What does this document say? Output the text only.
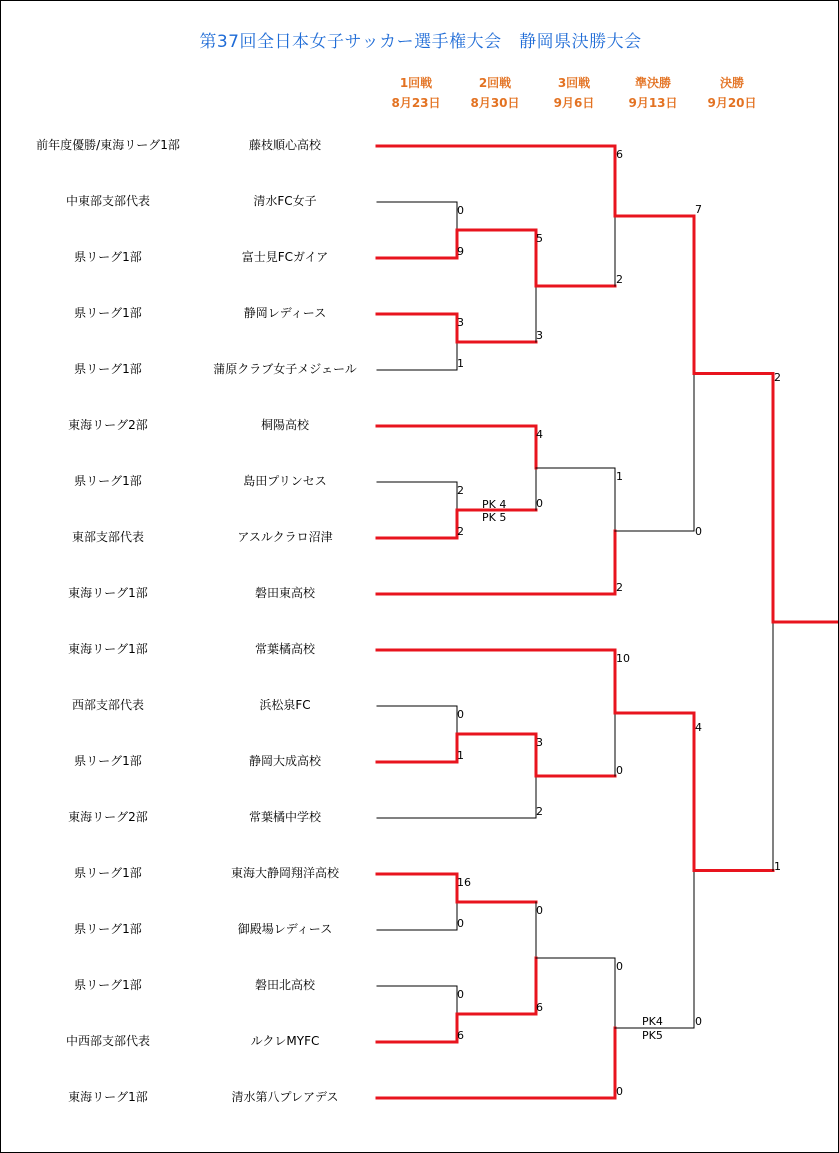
第37回全日本女子サッカー選手権大会　静岡県決勝大会
1回戦
8月23日
2回戦
8月30日
3回戦
9月6日
準決勝
9月13日
決勝
9月20日
前年度優勝/東海リーグ1部	藤枝順心高校
中東部支部代表	清水FC女子
県リーグ1部	富士見FCガイア
県リーグ1部	静岡レディース
県リーグ1部	蒲原クラブ女子メジェール
東海リーグ2部	桐陽高校
県リーグ1部	島田プリンセス
東部支部代表	アスルクラロ沼津
東海リーグ1部	磐田東高校
東海リーグ1部	常葉橘高校
西部支部代表	浜松泉FC
県リーグ1部	静岡大成高校
東海リーグ2部	常葉橘中学校
県リーグ1部	東海大静岡翔洋高校
県リーグ1部	御殿場レディース
県リーグ1部	磐田北高校
中西部支部代表	ルクレMYFC
東海リーグ1部	清水第八プレアデス
0
9
3
1
2
2
PK 4
PK 5
0
1
16
0
0
6
5
3
4
0
3
2
0
6
6
2
1
2
10
0
0
0
7
0
4
0
PK4
PK5
2
1
